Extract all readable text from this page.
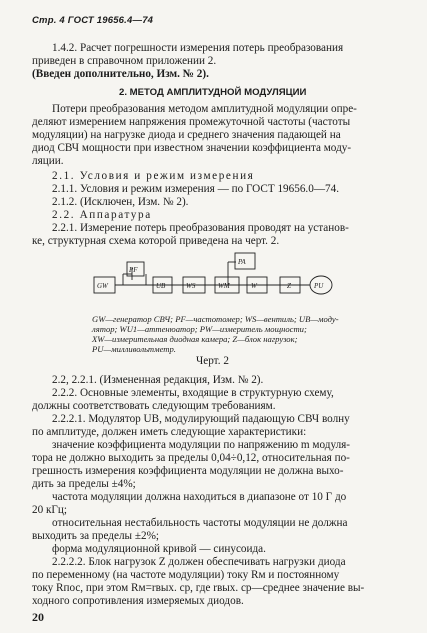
Стр. 4 ГОСТ 19656.4—74
1.4.2. Расчет погрешности измерения потерь преобразования
приведен в справочном приложении 2.
(Введен дополнительно, Изм. № 2).
2. МЕТОД АМПЛИТУДНОЙ МОДУЛЯЦИИ
Потери преобразования методом амплитудной модуляции опре-
деляют измерением напряжения промежуточной частоты (частоты
модуляции) на нагрузке диода и среднего значения падающей на
диод СВЧ мощности при известном значении коэффициента моду-
ляции.
2.1. Условия и режим измерения
2.1.1. Условия и режим измерения — по ГОСТ 19656.0—74.
2.1.2. (Исключен, Изм. № 2).
2.2. Аппаратура
2.2.1. Измерение потерь преобразования проводят на установ-
ке, структурная схема которой приведена на черт. 2.
GW
PF
UB	WS
PA
WM	W	Z	PU
GW—генератор СВЧ; PF—частотомер; WS—вентиль; UB—моду-
лятор; WU1—аттенюатор; PW—измеритель мощности;
XW—измерительная диодная камера; Z—блок нагрузок;
PU—милливольтметр.
Черт. 2
2.2, 2.2.1. (Измененная редакция, Изм. № 2).
2.2.2. Основные элементы, входящие в структурную схему,
должны соответствовать следующим требованиям.
2.2.2.1. Модулятор UB, модулирующий падающую СВЧ волну
по амплитуде, должен иметь следующие характеристики:
значение коэффициента модуляции по напряжению m модуля-
тора не должно выходить за пределы 0,04÷0,12, относительная по-
грешность измерения коэффициента модуляции не должна выхо-
дить за пределы ±4%;
частота модуляции должна находиться в диапазоне от 10 Г до
20 кГц;
относительная нестабильность частоты модуляции не должна
выходить за пределы ±2%;
форма модуляционной кривой — синусоида.
2.2.2.2. Блок нагрузок Z должен обеспечивать нагрузки диода
по переменному (на частоте модуляции) току Rм и постоянному
току Rпос, при этом Rм=rвых. ср, где rвых. ср—среднее значение вы-
ходного сопротивления измеряемых диодов.
20
